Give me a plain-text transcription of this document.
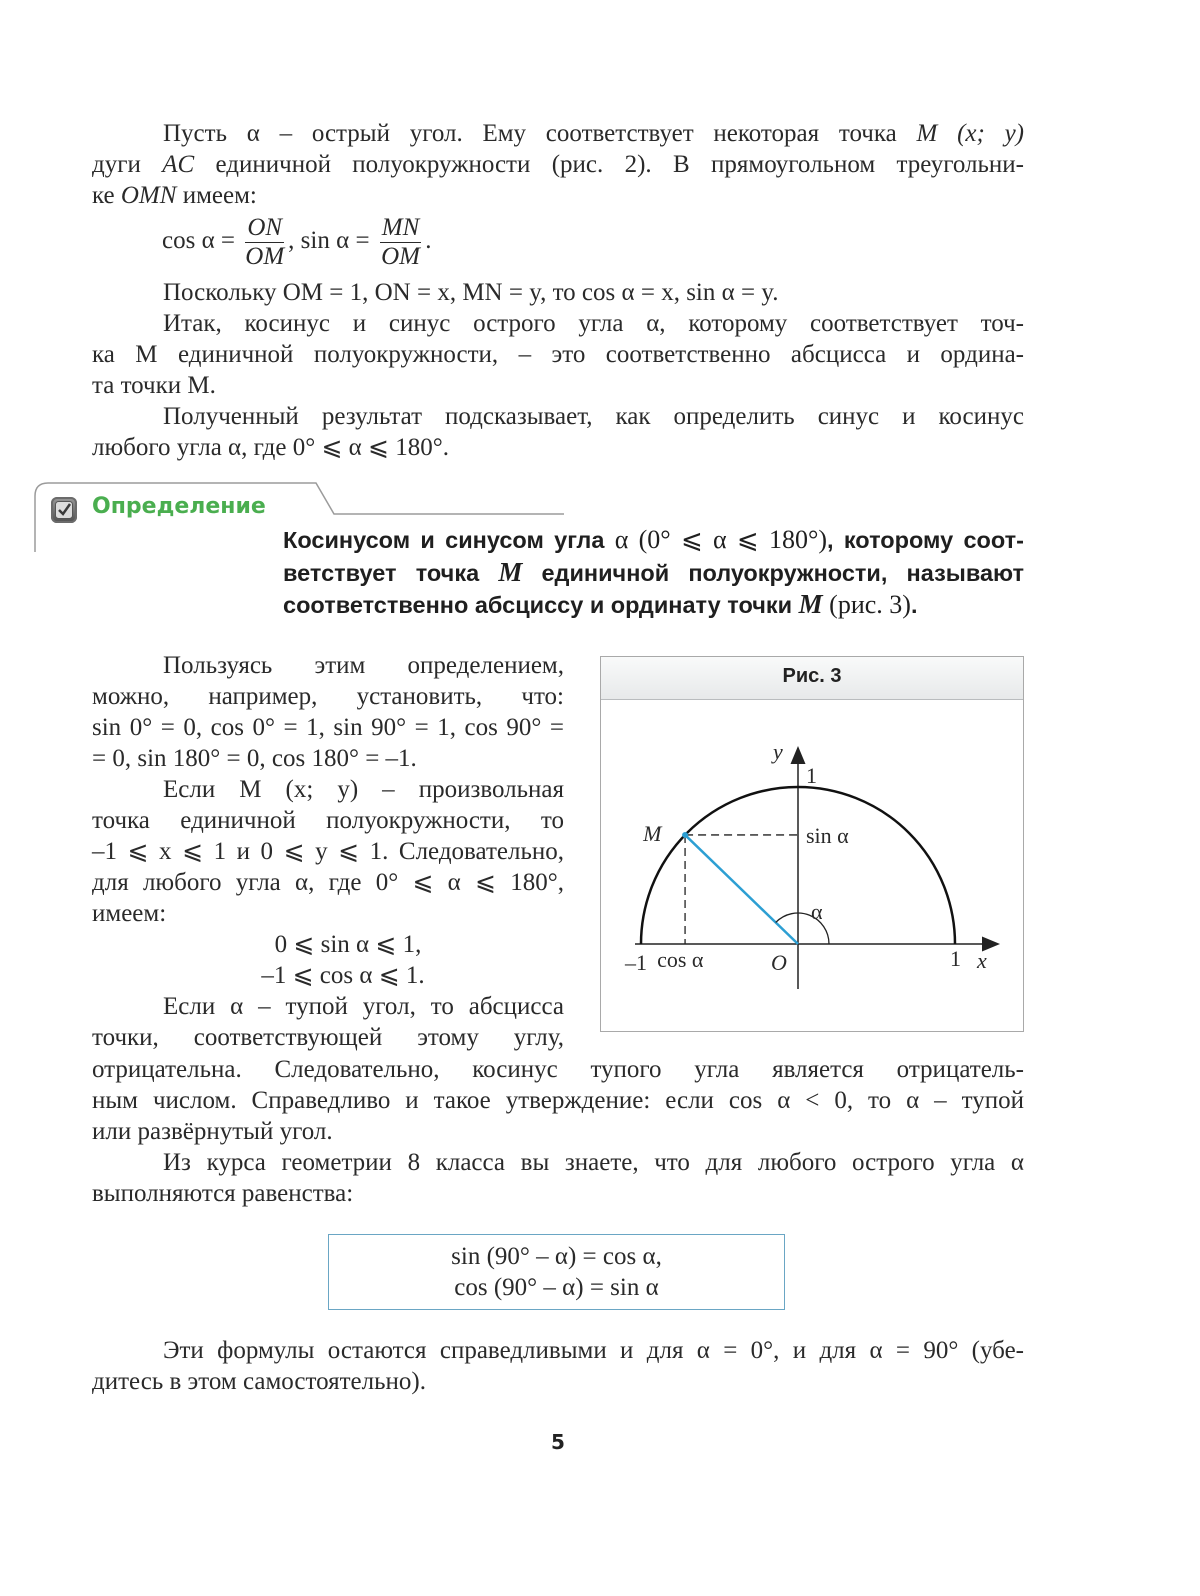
Пусть α – острый угол. Ему соответствует некоторая точка M (x; y)
дуги AC единичной полуокружности (рис. 2). В прямоугольном треугольни-
ке OMN имеем:
$\cos \alpha = \frac{ON}{OM}$ , $\sin \alpha = \frac{MN}{OM}$ .
Поскольку OM = 1, ON = x, MN = y, то cos α = x, sin α = y.
Итак, косинус и синус острого угла α, которому соответствует точ-
ка M единичной полуокружности, – это соответственно абсцисса и ордина-
та точки M.
Полученный результат подсказывает, как определить синус и косинус
любого угла α, где 0° ⩽ α ⩽ 180°.
Определение
Косинусом и синусом угла α (0° ⩽ α ⩽ 180°), которому соот-
ветствует точка M единичной полуокружности, называют
соответственно абсциссу и ординату точки M (рис. 3).
Пользуясь этим определением,
можно, например, установить, что:
sin 0° = 0, cos 0° = 1, sin 90° = 1, cos 90° =
= 0, sin 180° = 0, cos 180° = –1.
Если M (x; y) – произвольная
точка единичной полуокружности, то
–1 ⩽ x ⩽ 1 и 0 ⩽ y ⩽ 1. Следовательно,
для любого угла α, где 0° ⩽ α ⩽ 180°,
имеем:
0 ⩽ sin α ⩽ 1,
–1 ⩽ cos α ⩽ 1.
Если α – тупой угол, то абсцисса
точки, соответствующей этому углу,
Рис. 3
y
1
M	sin α
α
–1 cos α	O	1 x
отрицательна. Следовательно, косинус тупого угла является отрицатель-
ным числом. Справедливо и такое утверждение: если cos α < 0, то α – тупой
или развёрнутый угол.
Из курса геометрии 8 класса вы знаете, что для любого острого угла α
выполняются равенства:
sin (90° – α) = cos α,
cos (90° – α) = sin α
Эти формулы остаются справедливыми и для α = 0°, и для α = 90° (убе-
дитесь в этом самостоятельно).
5
